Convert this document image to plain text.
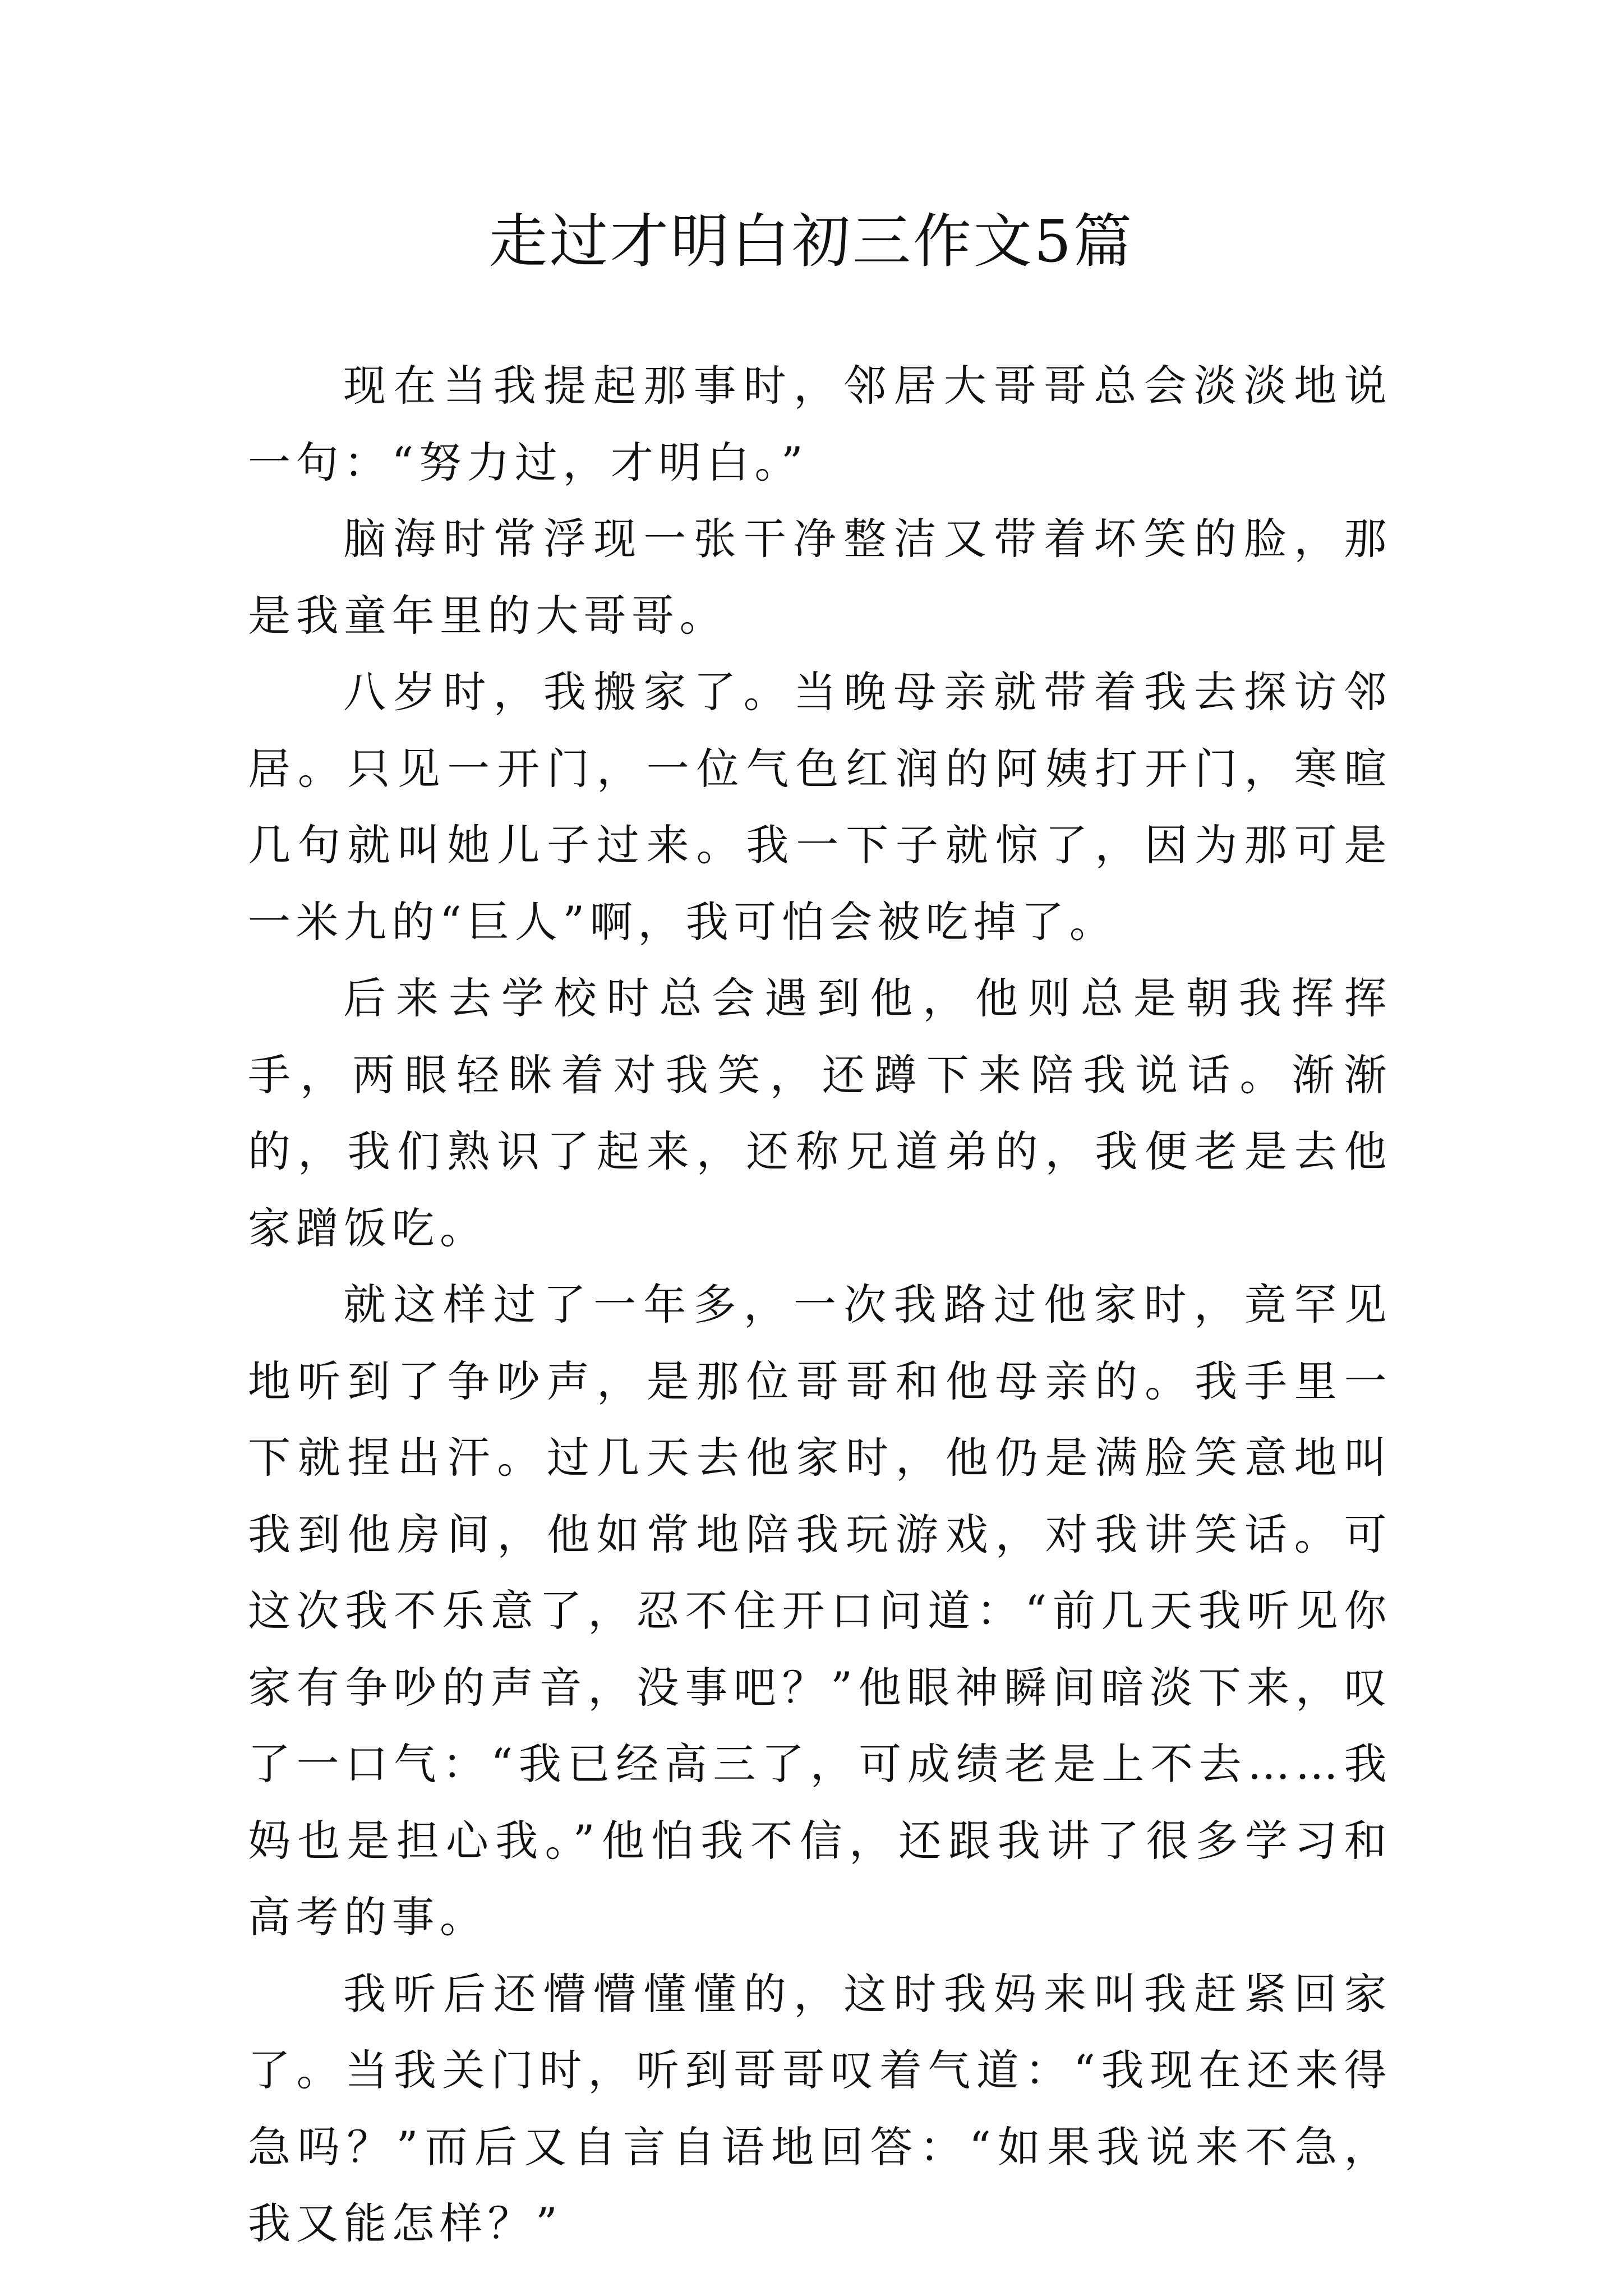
走过才明白初三作文5篇

现在当我提起那事时，邻居大哥哥总会淡淡地说一句：“努力过，才明白。”

脑海时常浮现一张干净整洁又带着坏笑的脸，那是我童年里的大哥哥。

八岁时，我搬家了。当晚母亲就带着我去探访邻居。只见一开门，一位气色红润的阿姨打开门，寒暄几句就叫她儿子过来。我一下子就惊了，因为那可是一米九的“巨人”啊，我可怕会被吃掉了。

后来去学校时总会遇到他，他则总是朝我挥挥手，两眼轻眯着对我笑，还蹲下来陪我说话。渐渐的，我们熟识了起来，还称兄道弟的，我便老是去他家蹭饭吃。

就这样过了一年多，一次我路过他家时，竟罕见地听到了争吵声，是那位哥哥和他母亲的。我手里一下就捏出汗。过几天去他家时，他仍是满脸笑意地叫我到他房间，他如常地陪我玩游戏，对我讲笑话。可这次我不乐意了，忍不住开口问道：“前几天我听见你家有争吵的声音，没事吧？”他眼神瞬间暗淡下来，叹了一口气：“我已经高三了，可成绩老是上不去……我妈也是担心我。”他怕我不信，还跟我讲了很多学习和高考的事。

我听后还懵懵懂懂的，这时我妈来叫我赶紧回家了。当我关门时，听到哥哥叹着气道：“我现在还来得急吗？”而后又自言自语地回答：“如果我说来不急，我又能怎样？”
